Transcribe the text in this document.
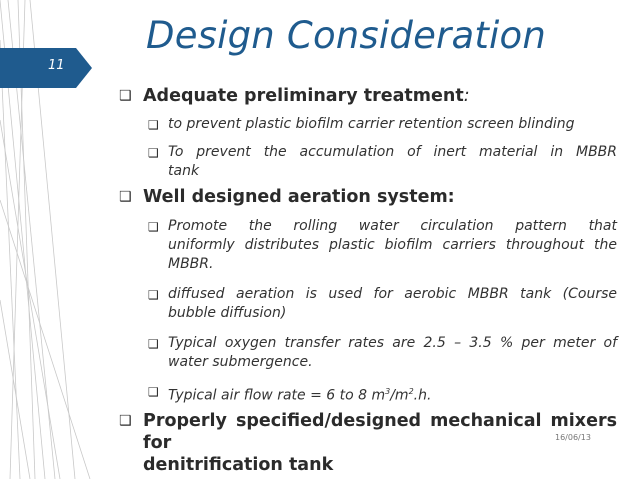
11
Design Consideration
❑ Adequate preliminary treatment:
❑ to prevent plastic biofilm carrier retention screen blinding
❑ To prevent the accumulation of inert material in MBBR
tank
❑ Well designed aeration system:
❑ Promote the rolling water circulation pattern that
uniformly distributes plastic biofilm carriers throughout the
MBBR.
❑ diffused aeration is used for aerobic MBBR tank (Course
bubble diffusion)
❑ Typical oxygen transfer rates are 2.5 – 3.5 % per meter of
water submergence.
❑ Typical air flow rate = 6 to 8 $m^3/m^2.h$.
❑ Properly specified/designed mechanical mixers for
denitrification tank
16/06/13
